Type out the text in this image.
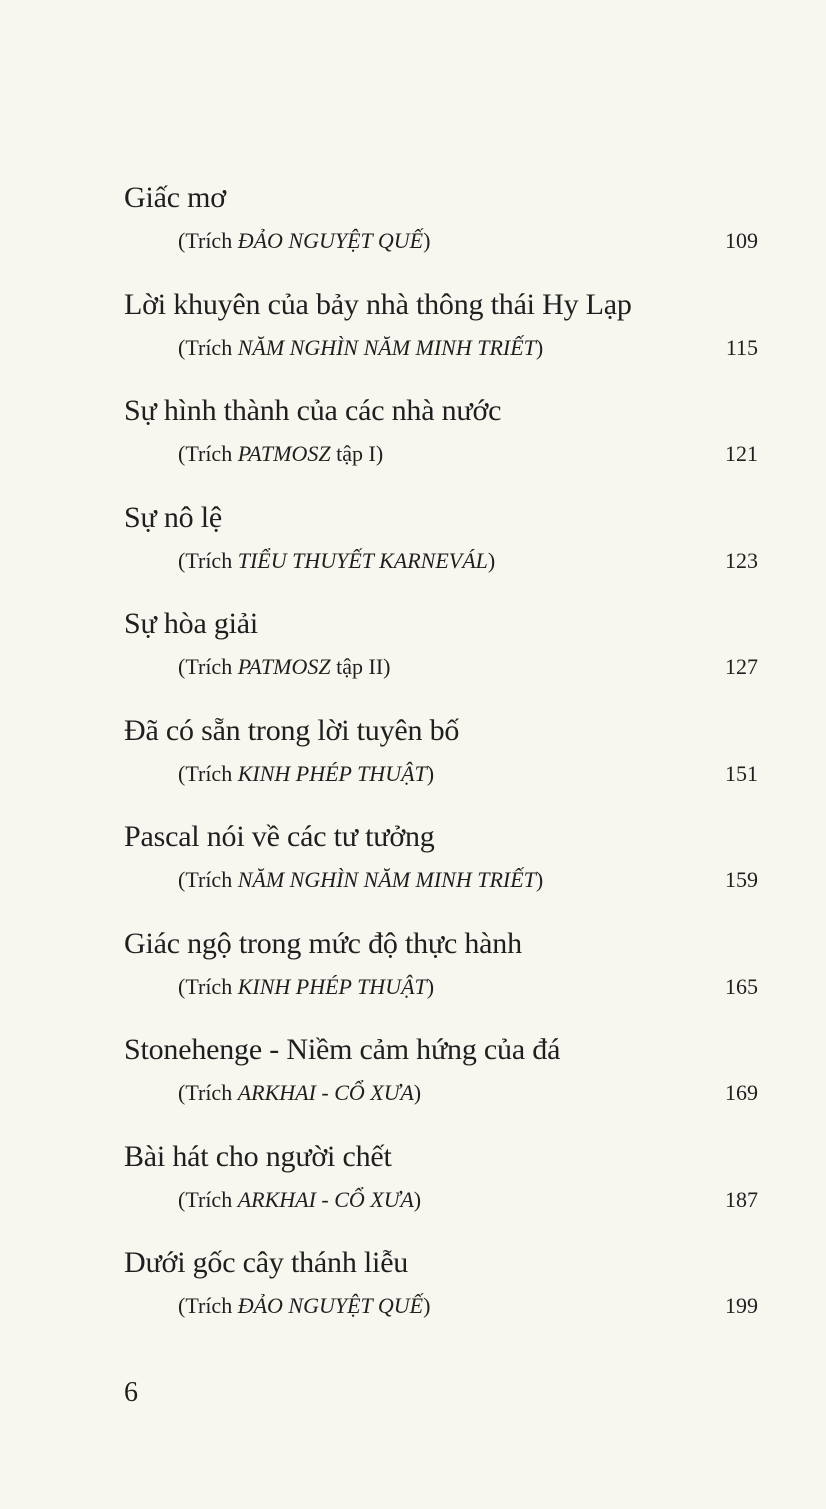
Giấc mơ
(Trích ĐẢO NGUYỆT QUẾ)	109
Lời khuyên của bảy nhà thông thái Hy Lạp
(Trích NĂM NGHÌN NĂM MINH TRIẾT)	115
Sự hình thành của các nhà nước
(Trích PATMOSZ tập I)	121
Sự nô lệ
(Trích TIỂU THUYẾT KARNEVÁL)	123
Sự hòa giải
(Trích PATMOSZ tập II)	127
Đã có sẵn trong lời tuyên bố
(Trích KINH PHÉP THUẬT)	151
Pascal nói về các tư tưởng
(Trích NĂM NGHÌN NĂM MINH TRIẾT)	159
Giác ngộ trong mức độ thực hành
(Trích KINH PHÉP THUẬT)	165
Stonehenge - Niềm cảm hứng của đá
(Trích ARKHAI - CỔ XƯA)	169
Bài hát cho người chết
(Trích ARKHAI - CỔ XƯA)	187
Dưới gốc cây thánh liễu
(Trích ĐẢO NGUYỆT QUẾ)	199
6
